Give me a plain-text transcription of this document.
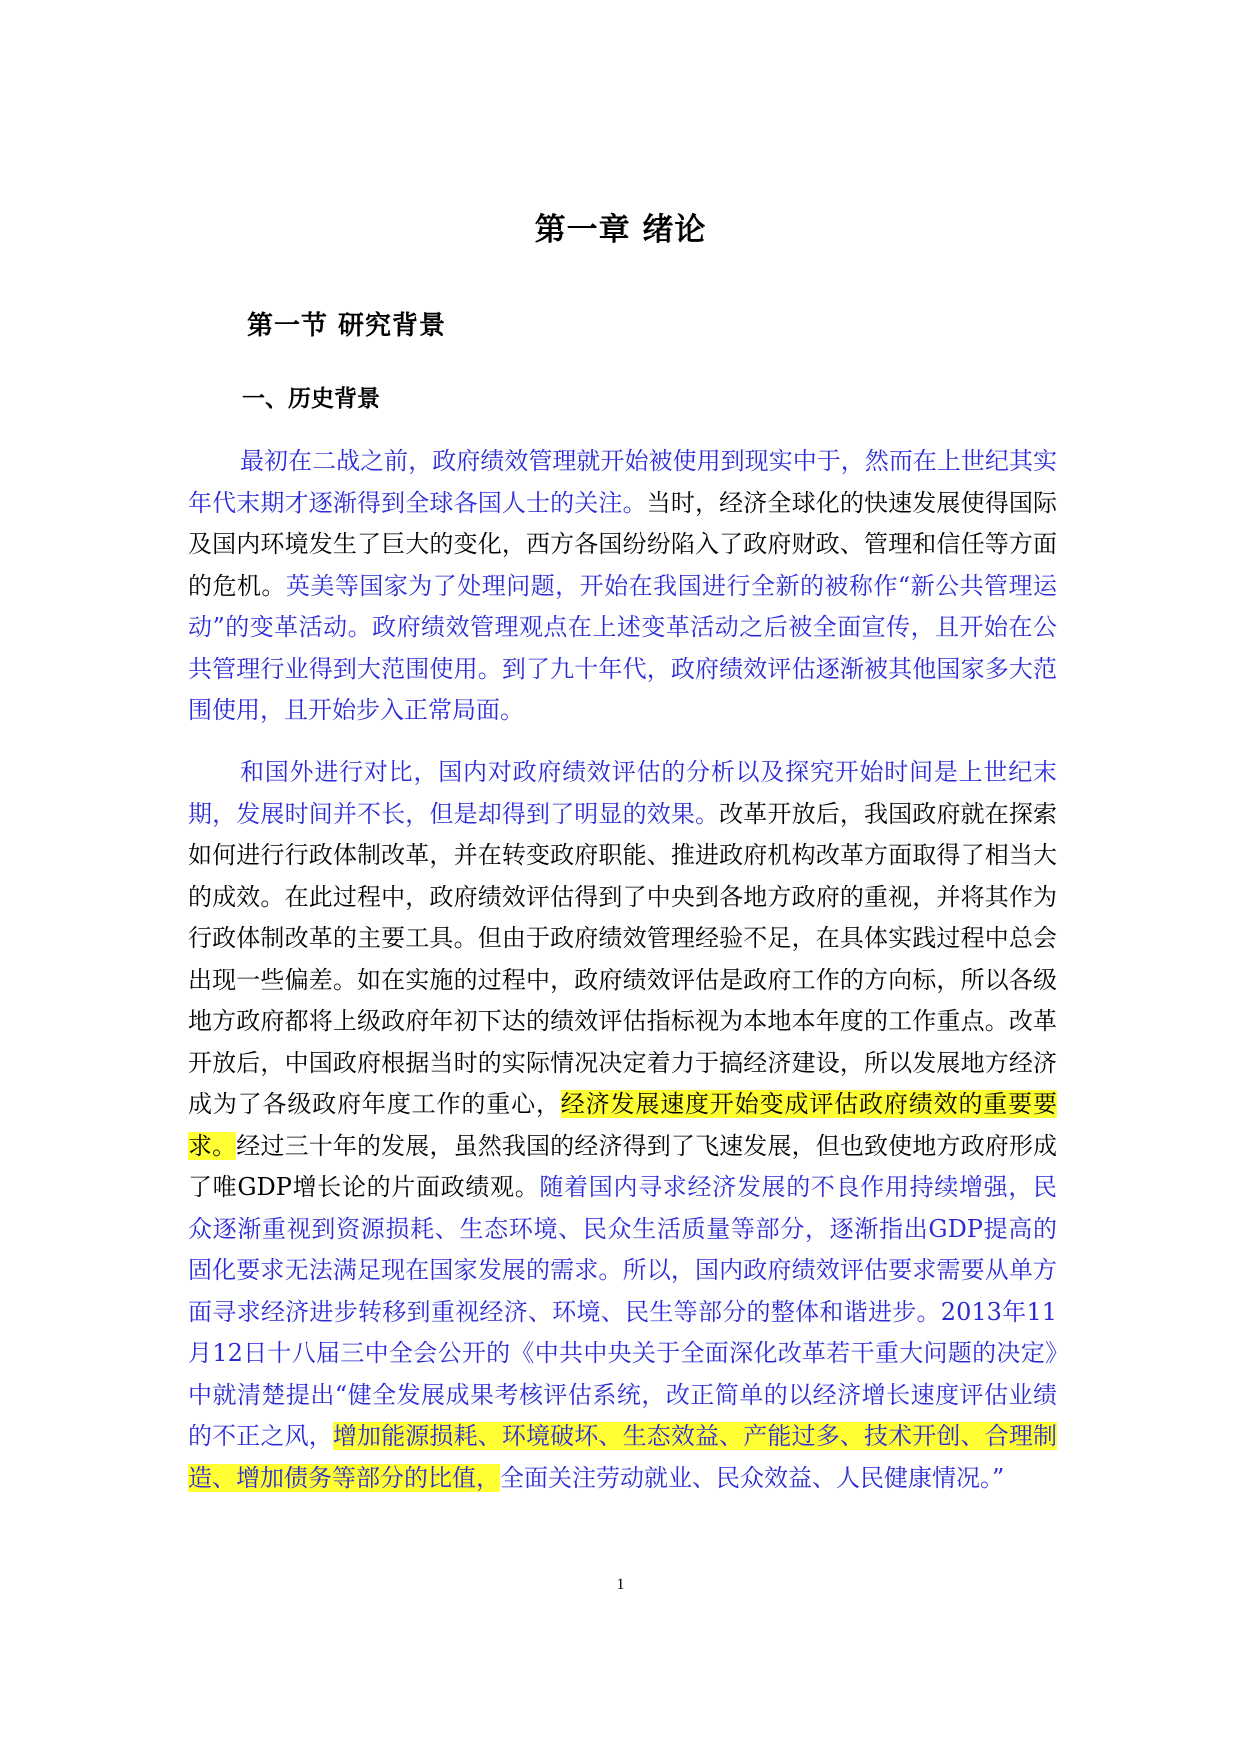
第一章 绪论
第一节 研究背景
一、历史背景

最初在二战之前，政府绩效管理就开始被使用到现实中于，然而在上世纪其实年代末期才逐渐得到全球各国人士的关注。当时，经济全球化的快速发展使得国际及国内环境发生了巨大的变化，西方各国纷纷陷入了政府财政、管理和信任等方面的危机。英美等国家为了处理问题，开始在我国进行全新的被称作“新公共管理运动”的变革活动。政府绩效管理观点在上述变革活动之后被全面宣传，且开始在公共管理行业得到大范围使用。到了九十年代，政府绩效评估逐渐被其他国家多大范围使用，且开始步入正常局面。

和国外进行对比，国内对政府绩效评估的分析以及探究开始时间是上世纪末期，发展时间并不长，但是却得到了明显的效果。改革开放后，我国政府就在探索如何进行行政体制改革，并在转变政府职能、推进政府机构改革方面取得了相当大的成效。在此过程中，政府绩效评估得到了中央到各地方政府的重视，并将其作为行政体制改革的主要工具。但由于政府绩效管理经验不足，在具体实践过程中总会出现一些偏差。如在实施的过程中，政府绩效评估是政府工作的方向标，所以各级地方政府都将上级政府年初下达的绩效评估指标视为本地本年度的工作重点。改革开放后，中国政府根据当时的实际情况决定着力于搞经济建设，所以发展地方经济成为了各级政府年度工作的重心，经济发展速度开始变成评估政府绩效的重要要求。经过三十年的发展，虽然我国的经济得到了飞速发展，但也致使地方政府形成了唯GDP增长论的片面政绩观。随着国内寻求经济发展的不良作用持续增强，民众逐渐重视到资源损耗、生态环境、民众生活质量等部分，逐渐指出GDP提高的固化要求无法满足现在国家发展的需求。所以，国内政府绩效评估要求需要从单方面寻求经济进步转移到重视经济、环境、民生等部分的整体和谐进步。2013年11月12日十八届三中全会公开的《中共中央关于全面深化改革若干重大问题的决定》中就清楚提出“健全发展成果考核评估系统，改正简单的以经济增长速度评估业绩的不正之风，增加能源损耗、环境破坏、生态效益、产能过多、技术开创、合理制造、增加债务等部分的比值，全面关注劳动就业、民众效益、人民健康情况。”

1
